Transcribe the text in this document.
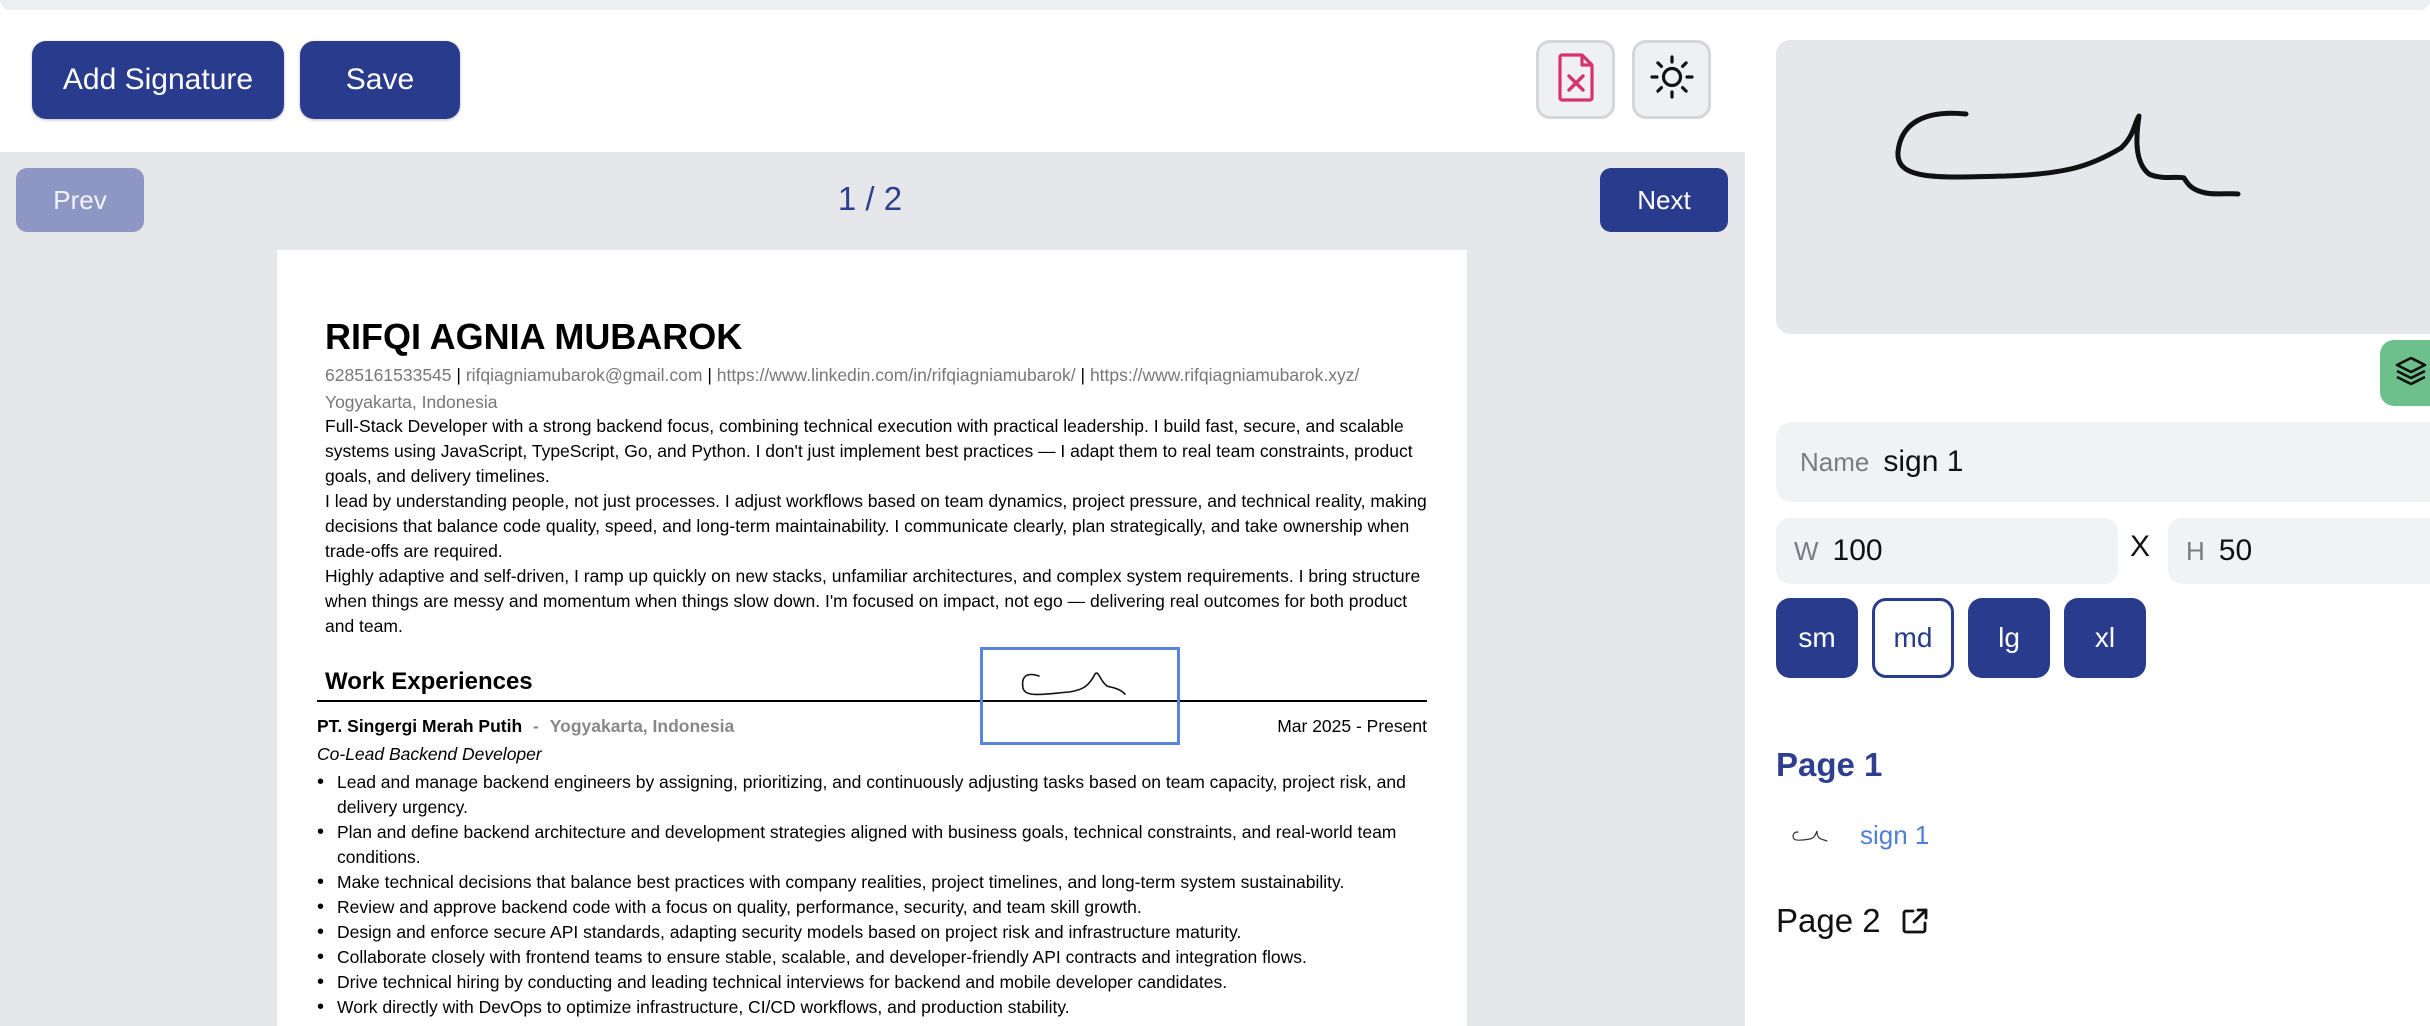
Add Signature	Save
Prev	1 / 2	Next
RIFQI AGNIA MUBAROK
6285161533545 | rifqiagniamubarok@gmail.com | https://www.linkedin.com/in/rifqiagniamubarok/ | https://www.rifqiagniamubarok.xyz/
Yogyakarta, Indonesia

Full-Stack Developer with a strong backend focus, combining technical execution with practical leadership. I build fast, secure, and scalable systems using JavaScript, TypeScript, Go, and Python. I don't just implement best practices — I adapt them to real team constraints, product goals, and delivery timelines.

I lead by understanding people, not just processes. I adjust workflows based on team dynamics, project pressure, and technical reality, making decisions that balance code quality, speed, and long-term maintainability. I communicate clearly, plan strategically, and take ownership when trade-offs are required.

Highly adaptive and self-driven, I ramp up quickly on new stacks, unfamiliar architectures, and complex system requirements. I bring structure when things are messy and momentum when things slow down. I'm focused on impact, not ego — delivering real outcomes for both product and team.

Work Experiences
PT. Singergi Merah Putih - Yogyakarta, Indonesia	Mar 2025 - Present
Co-Lead Backend Developer
• Lead and manage backend engineers by assigning, prioritizing, and continuously adjusting tasks based on team capacity, project risk, and delivery urgency.
• Plan and define backend architecture and development strategies aligned with business goals, technical constraints, and real-world team conditions.
• Make technical decisions that balance best practices with company realities, project timelines, and long-term system sustainability.
• Review and approve backend code with a focus on quality, performance, security, and team skill growth.
• Design and enforce secure API standards, adapting security models based on project risk and infrastructure maturity.
• Collaborate closely with frontend teams to ensure stable, scalable, and developer-friendly API contracts and integration flows.
• Drive technical hiring by conducting and leading technical interviews for backend and mobile developer candidates.
• Work directly with DevOps to optimize infrastructure, CI/CD workflows, and production stability.
Name sign 1
W 100	X H 50
sm	md	lg	xl
Page 1
sign 1
Page 2
